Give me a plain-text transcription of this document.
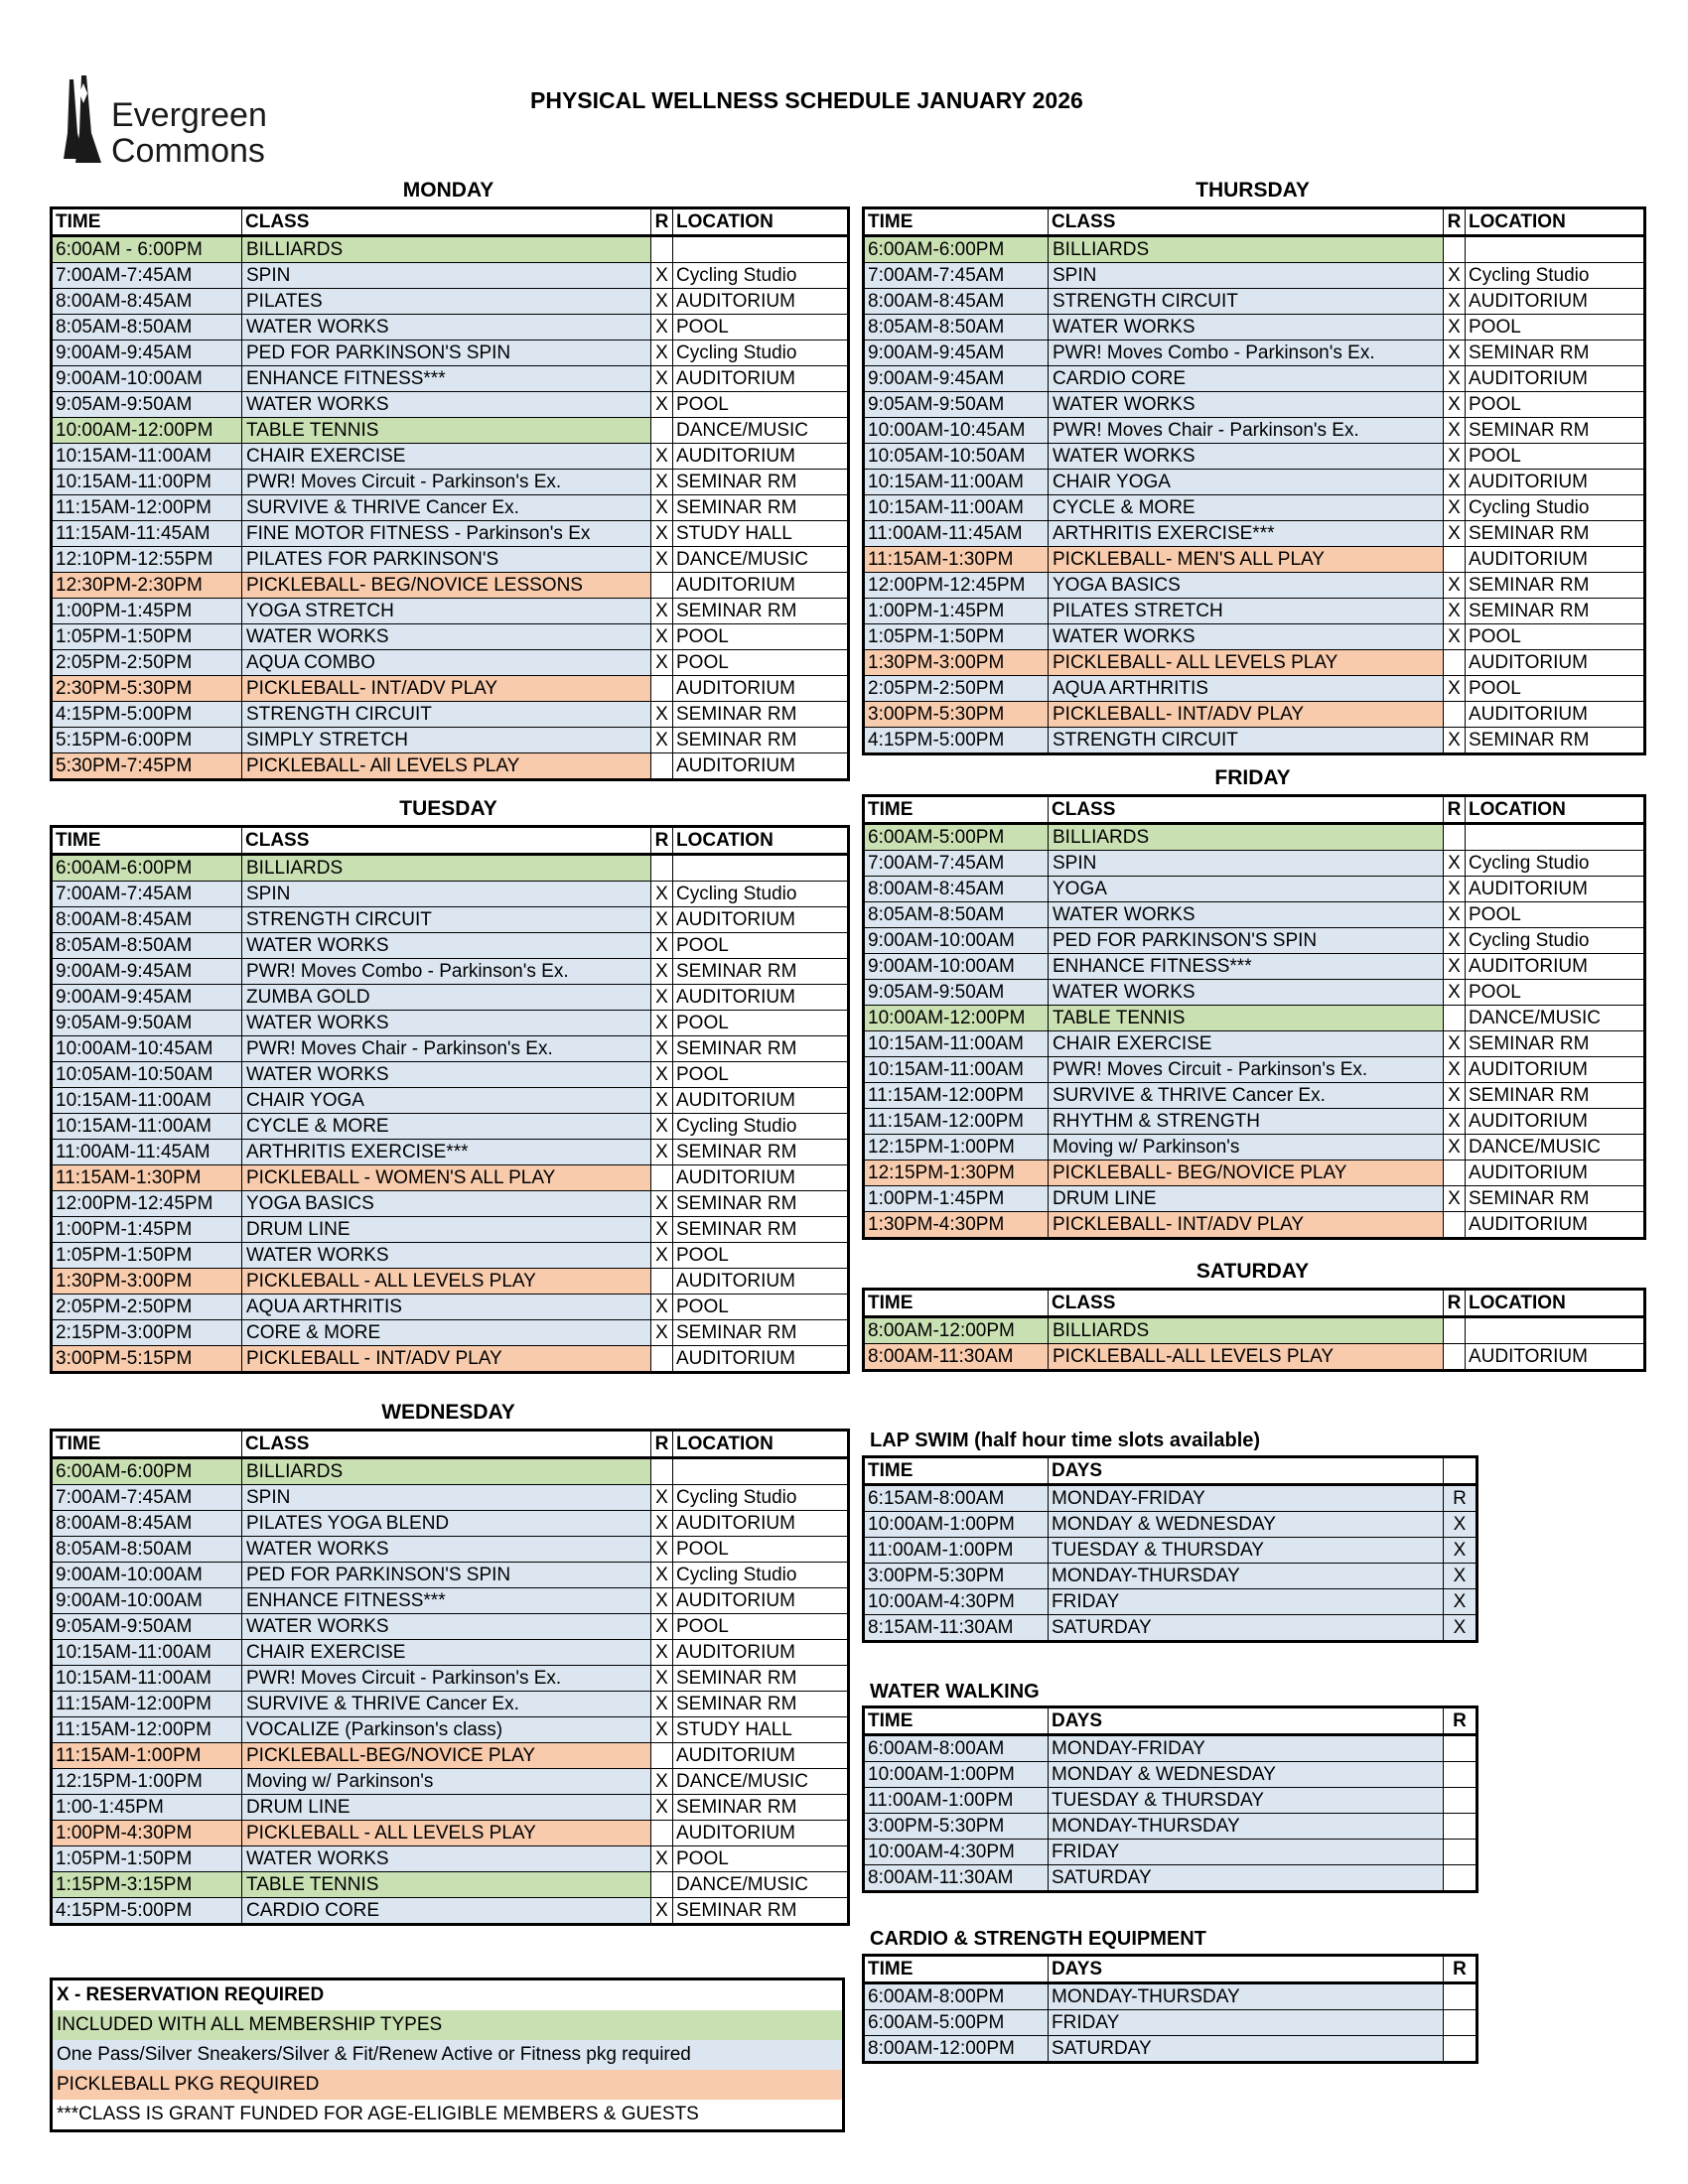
Evergreen
Commons
PHYSICAL WELLNESS SCHEDULE JANUARY 2026
MONDAY
TUESDAY
WEDNESDAY
THURSDAY
FRIDAY
SATURDAY
LAP SWIM (half hour time slots available)
WATER WALKING
CARDIO & STRENGTH EQUIPMENT
TIME	CLASS	R	LOCATION
6:00AM - 6:00PM	BILLIARDS		
7:00AM-7:45AM	SPIN	X	Cycling Studio
8:00AM-8:45AM	PILATES	X	AUDITORIUM
8:05AM-8:50AM	WATER WORKS	X	POOL
9:00AM-9:45AM	PED FOR PARKINSON'S SPIN	X	Cycling Studio
9:00AM-10:00AM	ENHANCE FITNESS***	X	AUDITORIUM
9:05AM-9:50AM	WATER WORKS	X	POOL
10:00AM-12:00PM	TABLE TENNIS		DANCE/MUSIC
10:15AM-11:00AM	CHAIR EXERCISE	X	AUDITORIUM
10:15AM-11:00PM	PWR! Moves Circuit - Parkinson's Ex.	X	SEMINAR RM
11:15AM-12:00PM	SURVIVE & THRIVE Cancer Ex.	X	SEMINAR RM
11:15AM-11:45AM	FINE MOTOR FITNESS - Parkinson's Ex	X	STUDY HALL
12:10PM-12:55PM	PILATES FOR PARKINSON'S	X	DANCE/MUSIC
12:30PM-2:30PM	PICKLEBALL- BEG/NOVICE LESSONS		AUDITORIUM
1:00PM-1:45PM	YOGA STRETCH	X	SEMINAR RM
1:05PM-1:50PM	WATER WORKS	X	POOL
2:05PM-2:50PM	AQUA COMBO	X	POOL
2:30PM-5:30PM	PICKLEBALL- INT/ADV PLAY		AUDITORIUM
4:15PM-5:00PM	STRENGTH CIRCUIT	X	SEMINAR RM
5:15PM-6:00PM	SIMPLY STRETCH	X	SEMINAR RM
5:30PM-7:45PM	PICKLEBALL- All LEVELS PLAY		AUDITORIUM
TIME	CLASS	R	LOCATION
6:00AM-6:00PM	BILLIARDS		
7:00AM-7:45AM	SPIN	X	Cycling Studio
8:00AM-8:45AM	STRENGTH CIRCUIT	X	AUDITORIUM
8:05AM-8:50AM	WATER WORKS	X	POOL
9:00AM-9:45AM	PWR! Moves Combo - Parkinson's Ex.	X	SEMINAR RM
9:00AM-9:45AM	ZUMBA GOLD	X	AUDITORIUM
9:05AM-9:50AM	WATER WORKS	X	POOL
10:00AM-10:45AM	PWR! Moves Chair - Parkinson's Ex.	X	SEMINAR RM
10:05AM-10:50AM	WATER WORKS	X	POOL
10:15AM-11:00AM	CHAIR YOGA	X	AUDITORIUM
10:15AM-11:00AM	CYCLE & MORE	X	Cycling Studio
11:00AM-11:45AM	ARTHRITIS EXERCISE***	X	SEMINAR RM
11:15AM-1:30PM	PICKLEBALL - WOMEN'S ALL PLAY		AUDITORIUM
12:00PM-12:45PM	YOGA BASICS	X	SEMINAR RM
1:00PM-1:45PM	DRUM LINE	X	SEMINAR RM
1:05PM-1:50PM	WATER WORKS	X	POOL
1:30PM-3:00PM	PICKLEBALL - ALL LEVELS PLAY		AUDITORIUM
2:05PM-2:50PM	AQUA ARTHRITIS	X	POOL
2:15PM-3:00PM	CORE & MORE	X	SEMINAR RM
3:00PM-5:15PM	PICKLEBALL - INT/ADV PLAY		AUDITORIUM
TIME	CLASS	R	LOCATION
6:00AM-6:00PM	BILLIARDS		
7:00AM-7:45AM	SPIN	X	Cycling Studio
8:00AM-8:45AM	PILATES YOGA BLEND	X	AUDITORIUM
8:05AM-8:50AM	WATER WORKS	X	POOL
9:00AM-10:00AM	PED FOR PARKINSON'S SPIN	X	Cycling Studio
9:00AM-10:00AM	ENHANCE FITNESS***	X	AUDITORIUM
9:05AM-9:50AM	WATER WORKS	X	POOL
10:15AM-11:00AM	CHAIR EXERCISE	X	AUDITORIUM
10:15AM-11:00AM	PWR! Moves Circuit - Parkinson's Ex.	X	SEMINAR RM
11:15AM-12:00PM	SURVIVE & THRIVE Cancer Ex.	X	SEMINAR RM
11:15AM-12:00PM	VOCALIZE (Parkinson's class)	X	STUDY HALL
11:15AM-1:00PM	PICKLEBALL-BEG/NOVICE PLAY		AUDITORIUM
12:15PM-1:00PM	Moving w/ Parkinson's	X	DANCE/MUSIC
1:00-1:45PM	DRUM LINE	X	SEMINAR RM
1:00PM-4:30PM	PICKLEBALL - ALL LEVELS PLAY		AUDITORIUM
1:05PM-1:50PM	WATER WORKS	X	POOL
1:15PM-3:15PM	TABLE TENNIS		DANCE/MUSIC
4:15PM-5:00PM	CARDIO CORE	X	SEMINAR RM
TIME	CLASS	R	LOCATION
6:00AM-6:00PM	BILLIARDS		
7:00AM-7:45AM	SPIN	X	Cycling Studio
8:00AM-8:45AM	STRENGTH CIRCUIT	X	AUDITORIUM
8:05AM-8:50AM	WATER WORKS	X	POOL
9:00AM-9:45AM	PWR! Moves Combo - Parkinson's Ex.	X	SEMINAR RM
9:00AM-9:45AM	CARDIO CORE	X	AUDITORIUM
9:05AM-9:50AM	WATER WORKS	X	POOL
10:00AM-10:45AM	PWR! Moves Chair - Parkinson's Ex.	X	SEMINAR RM
10:05AM-10:50AM	WATER WORKS	X	POOL
10:15AM-11:00AM	CHAIR YOGA	X	AUDITORIUM
10:15AM-11:00AM	CYCLE & MORE	X	Cycling Studio
11:00AM-11:45AM	ARTHRITIS EXERCISE***	X	SEMINAR RM
11:15AM-1:30PM	PICKLEBALL- MEN'S ALL PLAY		AUDITORIUM
12:00PM-12:45PM	YOGA BASICS	X	SEMINAR RM
1:00PM-1:45PM	PILATES STRETCH	X	SEMINAR RM
1:05PM-1:50PM	WATER WORKS	X	POOL
1:30PM-3:00PM	PICKLEBALL- ALL LEVELS PLAY		AUDITORIUM
2:05PM-2:50PM	AQUA ARTHRITIS	X	POOL
3:00PM-5:30PM	PICKLEBALL- INT/ADV PLAY		AUDITORIUM
4:15PM-5:00PM	STRENGTH CIRCUIT	X	SEMINAR RM
TIME	CLASS	R	LOCATION
6:00AM-5:00PM	BILLIARDS		
7:00AM-7:45AM	SPIN	X	Cycling Studio
8:00AM-8:45AM	YOGA	X	AUDITORIUM
8:05AM-8:50AM	WATER WORKS	X	POOL
9:00AM-10:00AM	PED FOR PARKINSON'S SPIN	X	Cycling Studio
9:00AM-10:00AM	ENHANCE FITNESS***	X	AUDITORIUM
9:05AM-9:50AM	WATER WORKS	X	POOL
10:00AM-12:00PM	TABLE TENNIS		DANCE/MUSIC
10:15AM-11:00AM	CHAIR EXERCISE	X	SEMINAR RM
10:15AM-11:00AM	PWR! Moves Circuit - Parkinson's Ex.	X	AUDITORIUM
11:15AM-12:00PM	SURVIVE & THRIVE Cancer Ex.	X	SEMINAR RM
11:15AM-12:00PM	RHYTHM & STRENGTH	X	AUDITORIUM
12:15PM-1:00PM	Moving w/ Parkinson's	X	DANCE/MUSIC
12:15PM-1:30PM	PICKLEBALL- BEG/NOVICE PLAY		AUDITORIUM
1:00PM-1:45PM	DRUM LINE	X	SEMINAR RM
1:30PM-4:30PM	PICKLEBALL- INT/ADV PLAY		AUDITORIUM
TIME	CLASS	R	LOCATION
8:00AM-12:00PM	BILLIARDS		
8:00AM-11:30AM	PICKLEBALL-ALL LEVELS PLAY		AUDITORIUM
TIME	DAYS	
6:15AM-8:00AM	MONDAY-FRIDAY	R
10:00AM-1:00PM	MONDAY & WEDNESDAY	X
11:00AM-1:00PM	TUESDAY & THURSDAY	X
3:00PM-5:30PM	MONDAY-THURSDAY	X
10:00AM-4:30PM	FRIDAY	X
8:15AM-11:30AM	SATURDAY	X
TIME	DAYS	R
6:00AM-8:00AM	MONDAY-FRIDAY	
10:00AM-1:00PM	MONDAY & WEDNESDAY	
11:00AM-1:00PM	TUESDAY & THURSDAY	
3:00PM-5:30PM	MONDAY-THURSDAY	
10:00AM-4:30PM	FRIDAY	
8:00AM-11:30AM	SATURDAY	
TIME	DAYS	R
6:00AM-8:00PM	MONDAY-THURSDAY	
6:00AM-5:00PM	FRIDAY	
8:00AM-12:00PM	SATURDAY	
X - RESERVATION REQUIRED
INCLUDED WITH ALL MEMBERSHIP TYPES
One Pass/Silver Sneakers/Silver & Fit/Renew Active or Fitness pkg required
PICKLEBALL PKG REQUIRED
***CLASS IS GRANT FUNDED FOR AGE-ELIGIBLE MEMBERS & GUESTS
